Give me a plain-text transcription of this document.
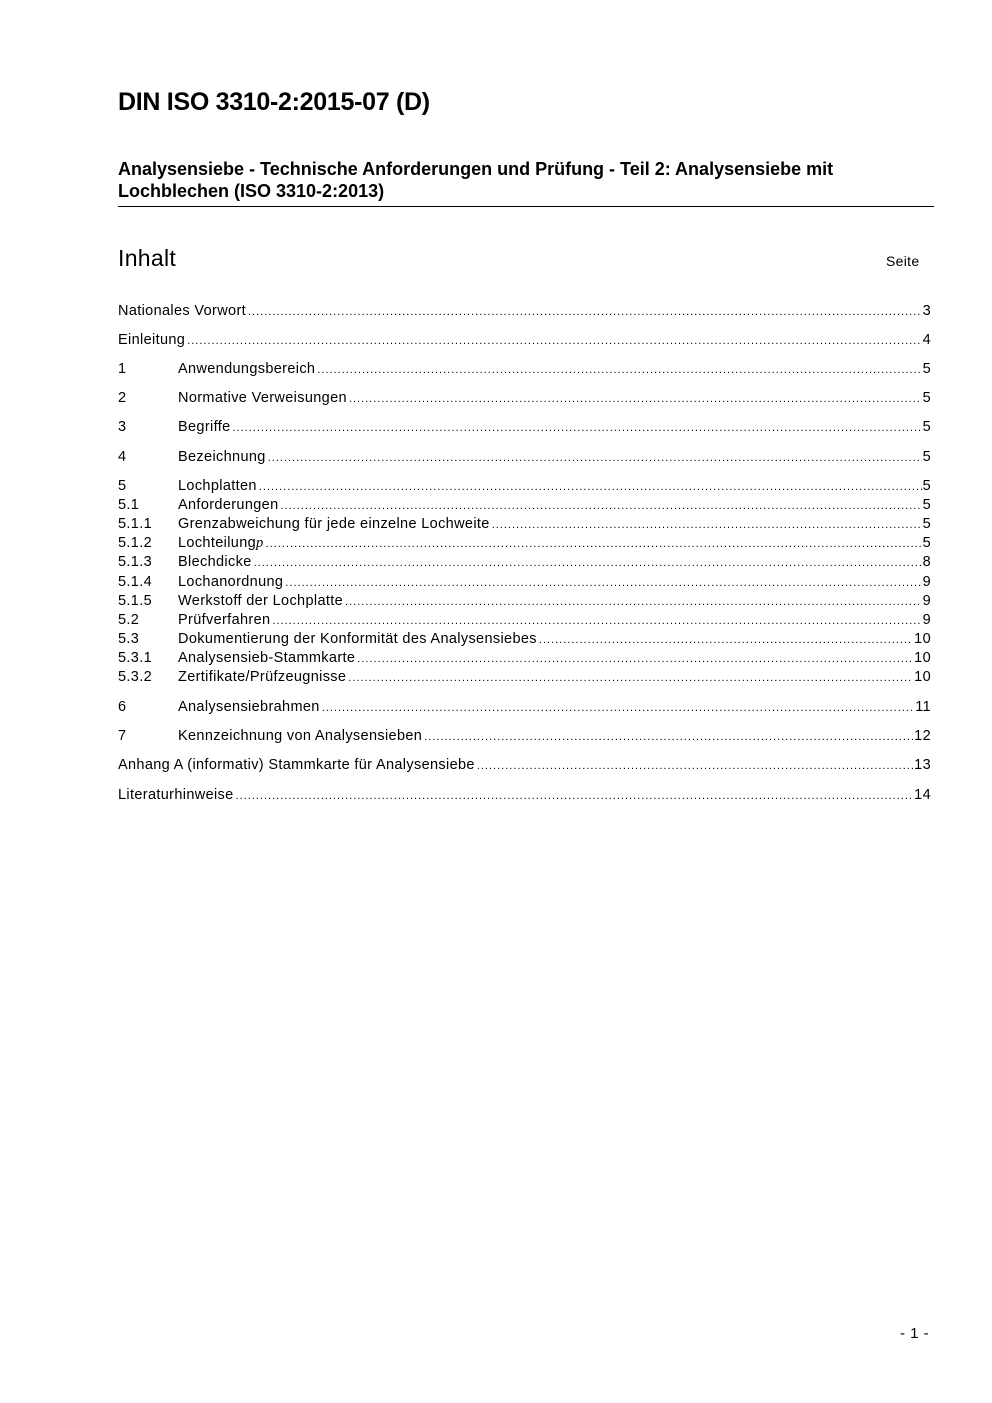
DIN ISO 3310-2:2015-07 (D)
Analysensiebe - Technische Anforderungen und Prüfung - Teil 2: Analysensiebe mit Lochblechen (ISO 3310-2:2013)
Inhalt	Seite
Nationales Vorwort .....	3
Einleitung .....	4
1	Anwendungsbereich .....	5
2	Normative Verweisungen .....	5
3	Begriffe .....	5
4	Bezeichnung .....	5
5	Lochplatten .....	5
5.1	Anforderungen .....	5
5.1.1	Grenzabweichung für jede einzelne Lochweite .....	5
5.1.2	Lochteilung p .....	5
5.1.3	Blechdicke .....	8
5.1.4	Lochanordnung .....	9
5.1.5	Werkstoff der Lochplatte .....	9
5.2	Prüfverfahren .....	9
5.3	Dokumentierung der Konformität des Analysensiebes .....	10
5.3.1	Analysensieb-Stammkarte .....	10
5.3.2	Zertifikate/Prüfzeugnisse .....	10
6	Analysensiebrahmen .....	11
7	Kennzeichnung von Analysensieben .....	12
Anhang A (informativ) Stammkarte für Analysensiebe .....	13
Literaturhinweise .....	14
- 1 -
